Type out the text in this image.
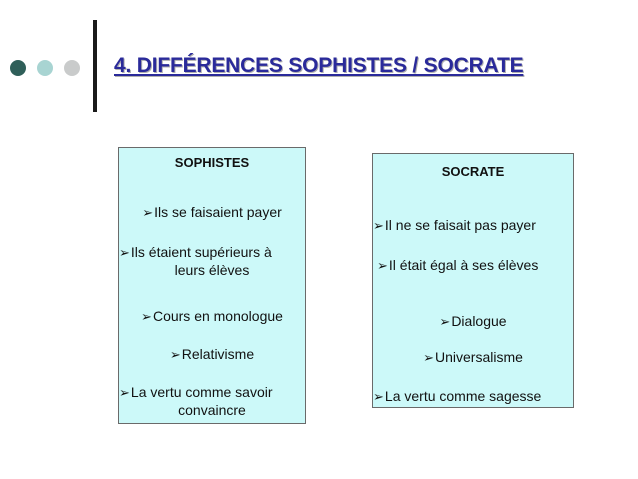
4. DIFFÉRENCES SOPHISTES / SOCRATE
SOPHISTES
➢Ils se faisaient payer
➢Ils étaient supérieurs à
leurs élèves
➢Cours en monologue
➢Relativisme
➢La vertu comme savoir
convaincre
SOCRATE
➢Il ne se faisait pas payer
➢Il était égal à ses élèves
➢Dialogue
➢Universalisme
➢La vertu comme sagesse
